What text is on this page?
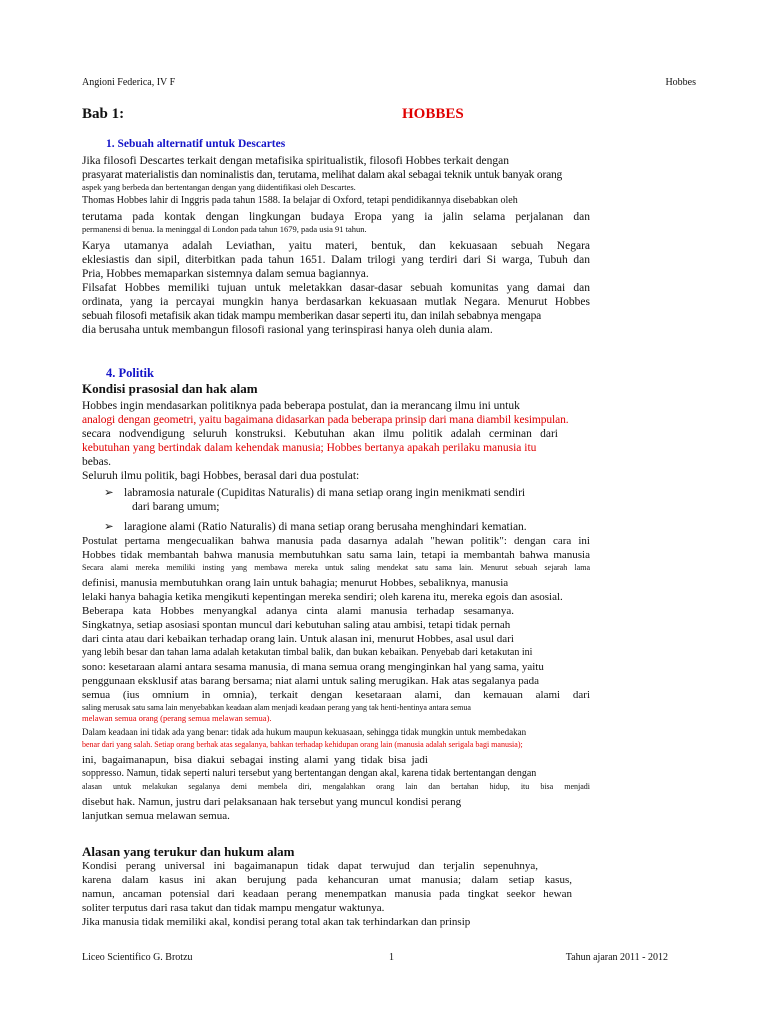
Angioni Federica, IV F	Hobbes
Bab 1:	HOBBES
1. Sebuah alternatif untuk Descartes

Jika filosofi Descartes terkait dengan metafisika spiritualistik, filosofi Hobbes terkait dengan

prasyarat materialistis dan nominalistis dan, terutama, melihat dalam akal sebagai teknik untuk banyak orang

aspek yang berbeda dan bertentangan dengan yang diidentifikasi oleh Descartes.

Thomas Hobbes lahir di Inggris pada tahun 1588. Ia belajar di Oxford, tetapi pendidikannya disebabkan oleh

terutama pada kontak dengan lingkungan budaya Eropa yang ia jalin selama perjalanan dan

permanensi di benua. Ia meninggal di London pada tahun 1679, pada usia 91 tahun.

Karya utamanya adalah Leviathan, yaitu materi, bentuk, dan kekuasaan sebuah Negara

eklesiastis dan sipil, diterbitkan pada tahun 1651. Dalam trilogi yang terdiri dari Si warga, Tubuh dan

Pria, Hobbes memaparkan sistemnya dalam semua bagiannya.

Filsafat Hobbes memiliki tujuan untuk meletakkan dasar-dasar sebuah komunitas yang damai dan

ordinata, yang ia percayai mungkin hanya berdasarkan kekuasaan mutlak Negara. Menurut Hobbes

sebuah filosofi metafisik akan tidak mampu memberikan dasar seperti itu, dan inilah sebabnya mengapa

dia berusaha untuk membangun filosofi rasional yang terinspirasi hanya oleh dunia alam.

4. Politik
Kondisi prasosial dan hak alam

Hobbes ingin mendasarkan politiknya pada beberapa postulat, dan ia merancang ilmu ini untuk

analogi dengan geometri, yaitu bagaimana didasarkan pada beberapa prinsip dari mana diambil kesimpulan.

secara nodvendigung seluruh konstruksi. Kebutuhan akan ilmu politik adalah cerminan dari

kebutuhan yang bertindak dalam kehendak manusia; Hobbes bertanya apakah perilaku manusia itu

bebas.

Seluruh ilmu politik, bagi Hobbes, berasal dari dua postulat:

➢ labramosia naturale (Cupiditas Naturalis) di mana setiap orang ingin menikmati sendiri

dari barang umum;

➢ laragione alami (Ratio Naturalis) di mana setiap orang berusaha menghindari kematian.

Postulat pertama mengecualikan bahwa manusia pada dasarnya adalah "hewan politik": dengan cara ini

Hobbes tidak membantah bahwa manusia membutuhkan satu sama lain, tetapi ia membantah bahwa manusia

Secara alami mereka memiliki insting yang membawa mereka untuk saling mendekat satu sama lain. Menurut sebuah sejarah lama

definisi, manusia membutuhkan orang lain untuk bahagia; menurut Hobbes, sebaliknya, manusia

lelaki hanya bahagia ketika mengikuti kepentingan mereka sendiri; oleh karena itu, mereka egois dan asosial.

Beberapa kata Hobbes menyangkal adanya cinta alami manusia terhadap sesamanya.

Singkatnya, setiap asosiasi spontan muncul dari kebutuhan saling atau ambisi, tetapi tidak pernah

dari cinta atau dari kebaikan terhadap orang lain. Untuk alasan ini, menurut Hobbes, asal usul dari

yang lebih besar dan tahan lama adalah ketakutan timbal balik, dan bukan kebaikan. Penyebab dari ketakutan ini

sono: kesetaraan alami antara sesama manusia, di mana semua orang menginginkan hal yang sama, yaitu

penggunaan eksklusif atas barang bersama; niat alami untuk saling merugikan. Hak atas segalanya pada

semua (ius omnium in omnia), terkait dengan kesetaraan alami, dan kemauan alami dari

saling merusak satu sama lain menyebabkan keadaan alam menjadi keadaan perang yang tak henti-hentinya antara semua

melawan semua orang (perang semua melawan semua).

Dalam keadaan ini tidak ada yang benar: tidak ada hukum maupun kekuasaan, sehingga tidak mungkin untuk membedakan

benar dari yang salah. Setiap orang berhak atas segalanya, bahkan terhadap kehidupan orang lain (manusia adalah serigala bagi manusia);

ini, bagaimanapun, bisa diakui sebagai insting alami yang tidak bisa jadi

soppresso. Namun, tidak seperti naluri tersebut yang bertentangan dengan akal, karena tidak bertentangan dengan

alasan untuk melakukan segalanya demi membela diri, mengalahkan orang lain dan bertahan hidup, itu bisa menjadi

disebut hak. Namun, justru dari pelaksanaan hak tersebut yang muncul kondisi perang

lanjutkan semua melawan semua.

Alasan yang terukur dan hukum alam

Kondisi perang universal ini bagaimanapun tidak dapat terwujud dan terjalin sepenuhnya,

karena dalam kasus ini akan berujung pada kehancuran umat manusia; dalam setiap kasus,

namun, ancaman potensial dari keadaan perang menempatkan manusia pada tingkat seekor hewan

soliter terputus dari rasa takut dan tidak mampu mengatur waktunya.

Jika manusia tidak memiliki akal, kondisi perang total akan tak terhindarkan dan prinsip

Liceo Scientifico G. Brotzu	1	Tahun ajaran 2011 - 2012
